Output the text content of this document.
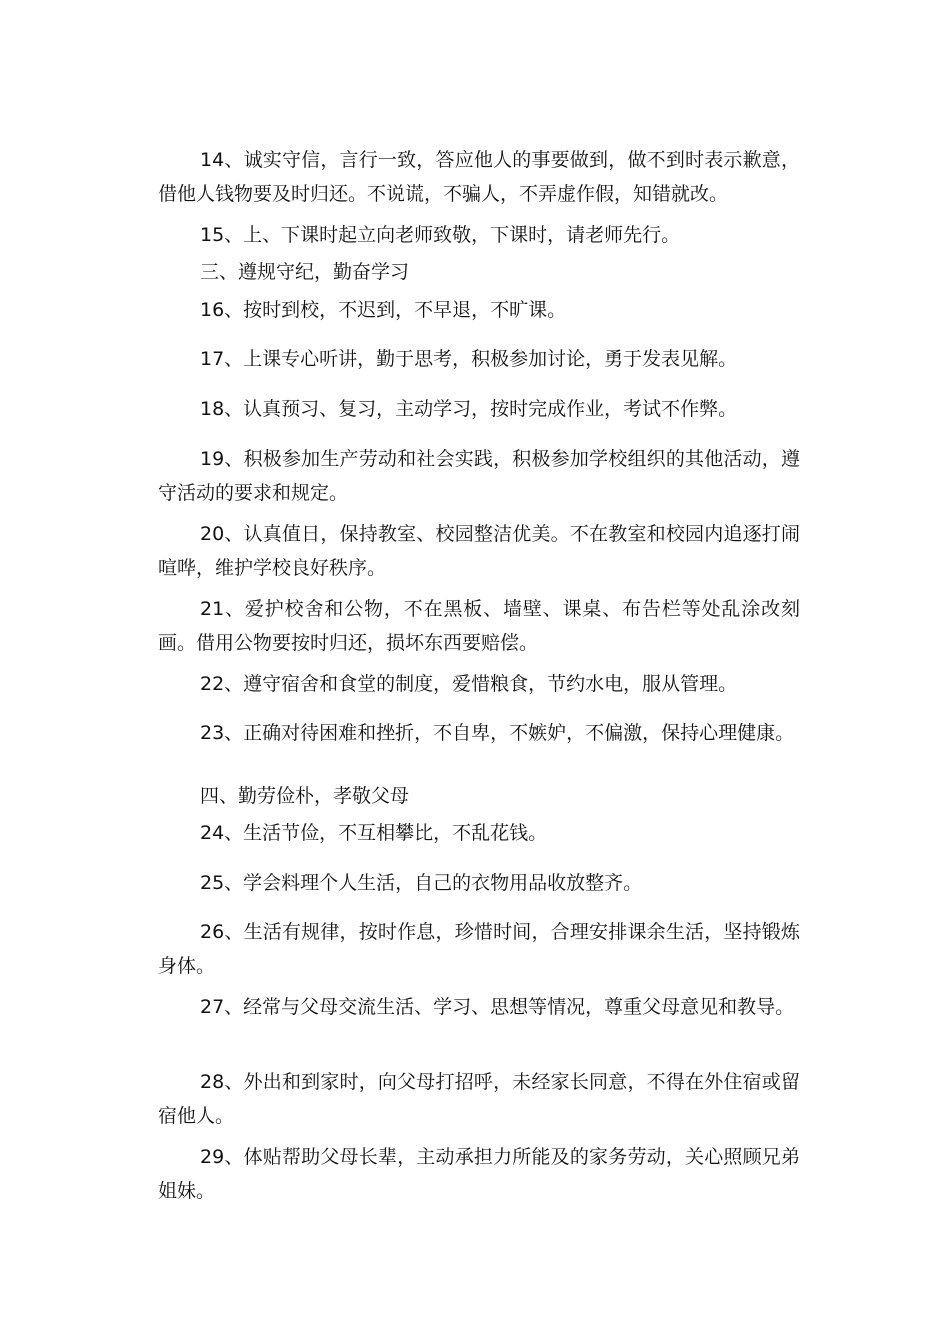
14、诚实守信，言行一致，答应他人的事要做到，做不到时表示歉意，借他人钱物要及时归还。不说谎，不骗人，不弄虚作假，知错就改。

15、上、下课时起立向老师致敬，下课时，请老师先行。

三、遵规守纪，勤奋学习

16、按时到校，不迟到，不早退，不旷课。

17、上课专心听讲，勤于思考，积极参加讨论，勇于发表见解。

18、认真预习、复习，主动学习，按时完成作业，考试不作弊。

19、积极参加生产劳动和社会实践，积极参加学校组织的其他活动，遵守活动的要求和规定。

20、认真值日，保持教室、校园整洁优美。不在教室和校园内追逐打闹喧哗，维护学校良好秩序。

21、爱护校舍和公物，不在黑板、墙壁、课桌、布告栏等处乱涂改刻画。借用公物要按时归还，损坏东西要赔偿。

22、遵守宿舍和食堂的制度，爱惜粮食，节约水电，服从管理。

23、正确对待困难和挫折，不自卑，不嫉妒，不偏激，保持心理健康。

四、勤劳俭朴，孝敬父母

24、生活节俭，不互相攀比，不乱花钱。

25、学会料理个人生活，自己的衣物用品收放整齐。

26、生活有规律，按时作息，珍惜时间，合理安排课余生活，坚持锻炼身体。

27、经常与父母交流生活、学习、思想等情况，尊重父母意见和教导。

28、外出和到家时，向父母打招呼，未经家长同意，不得在外住宿或留宿他人。

29、体贴帮助父母长辈，主动承担力所能及的家务劳动，关心照顾兄弟姐妹。
